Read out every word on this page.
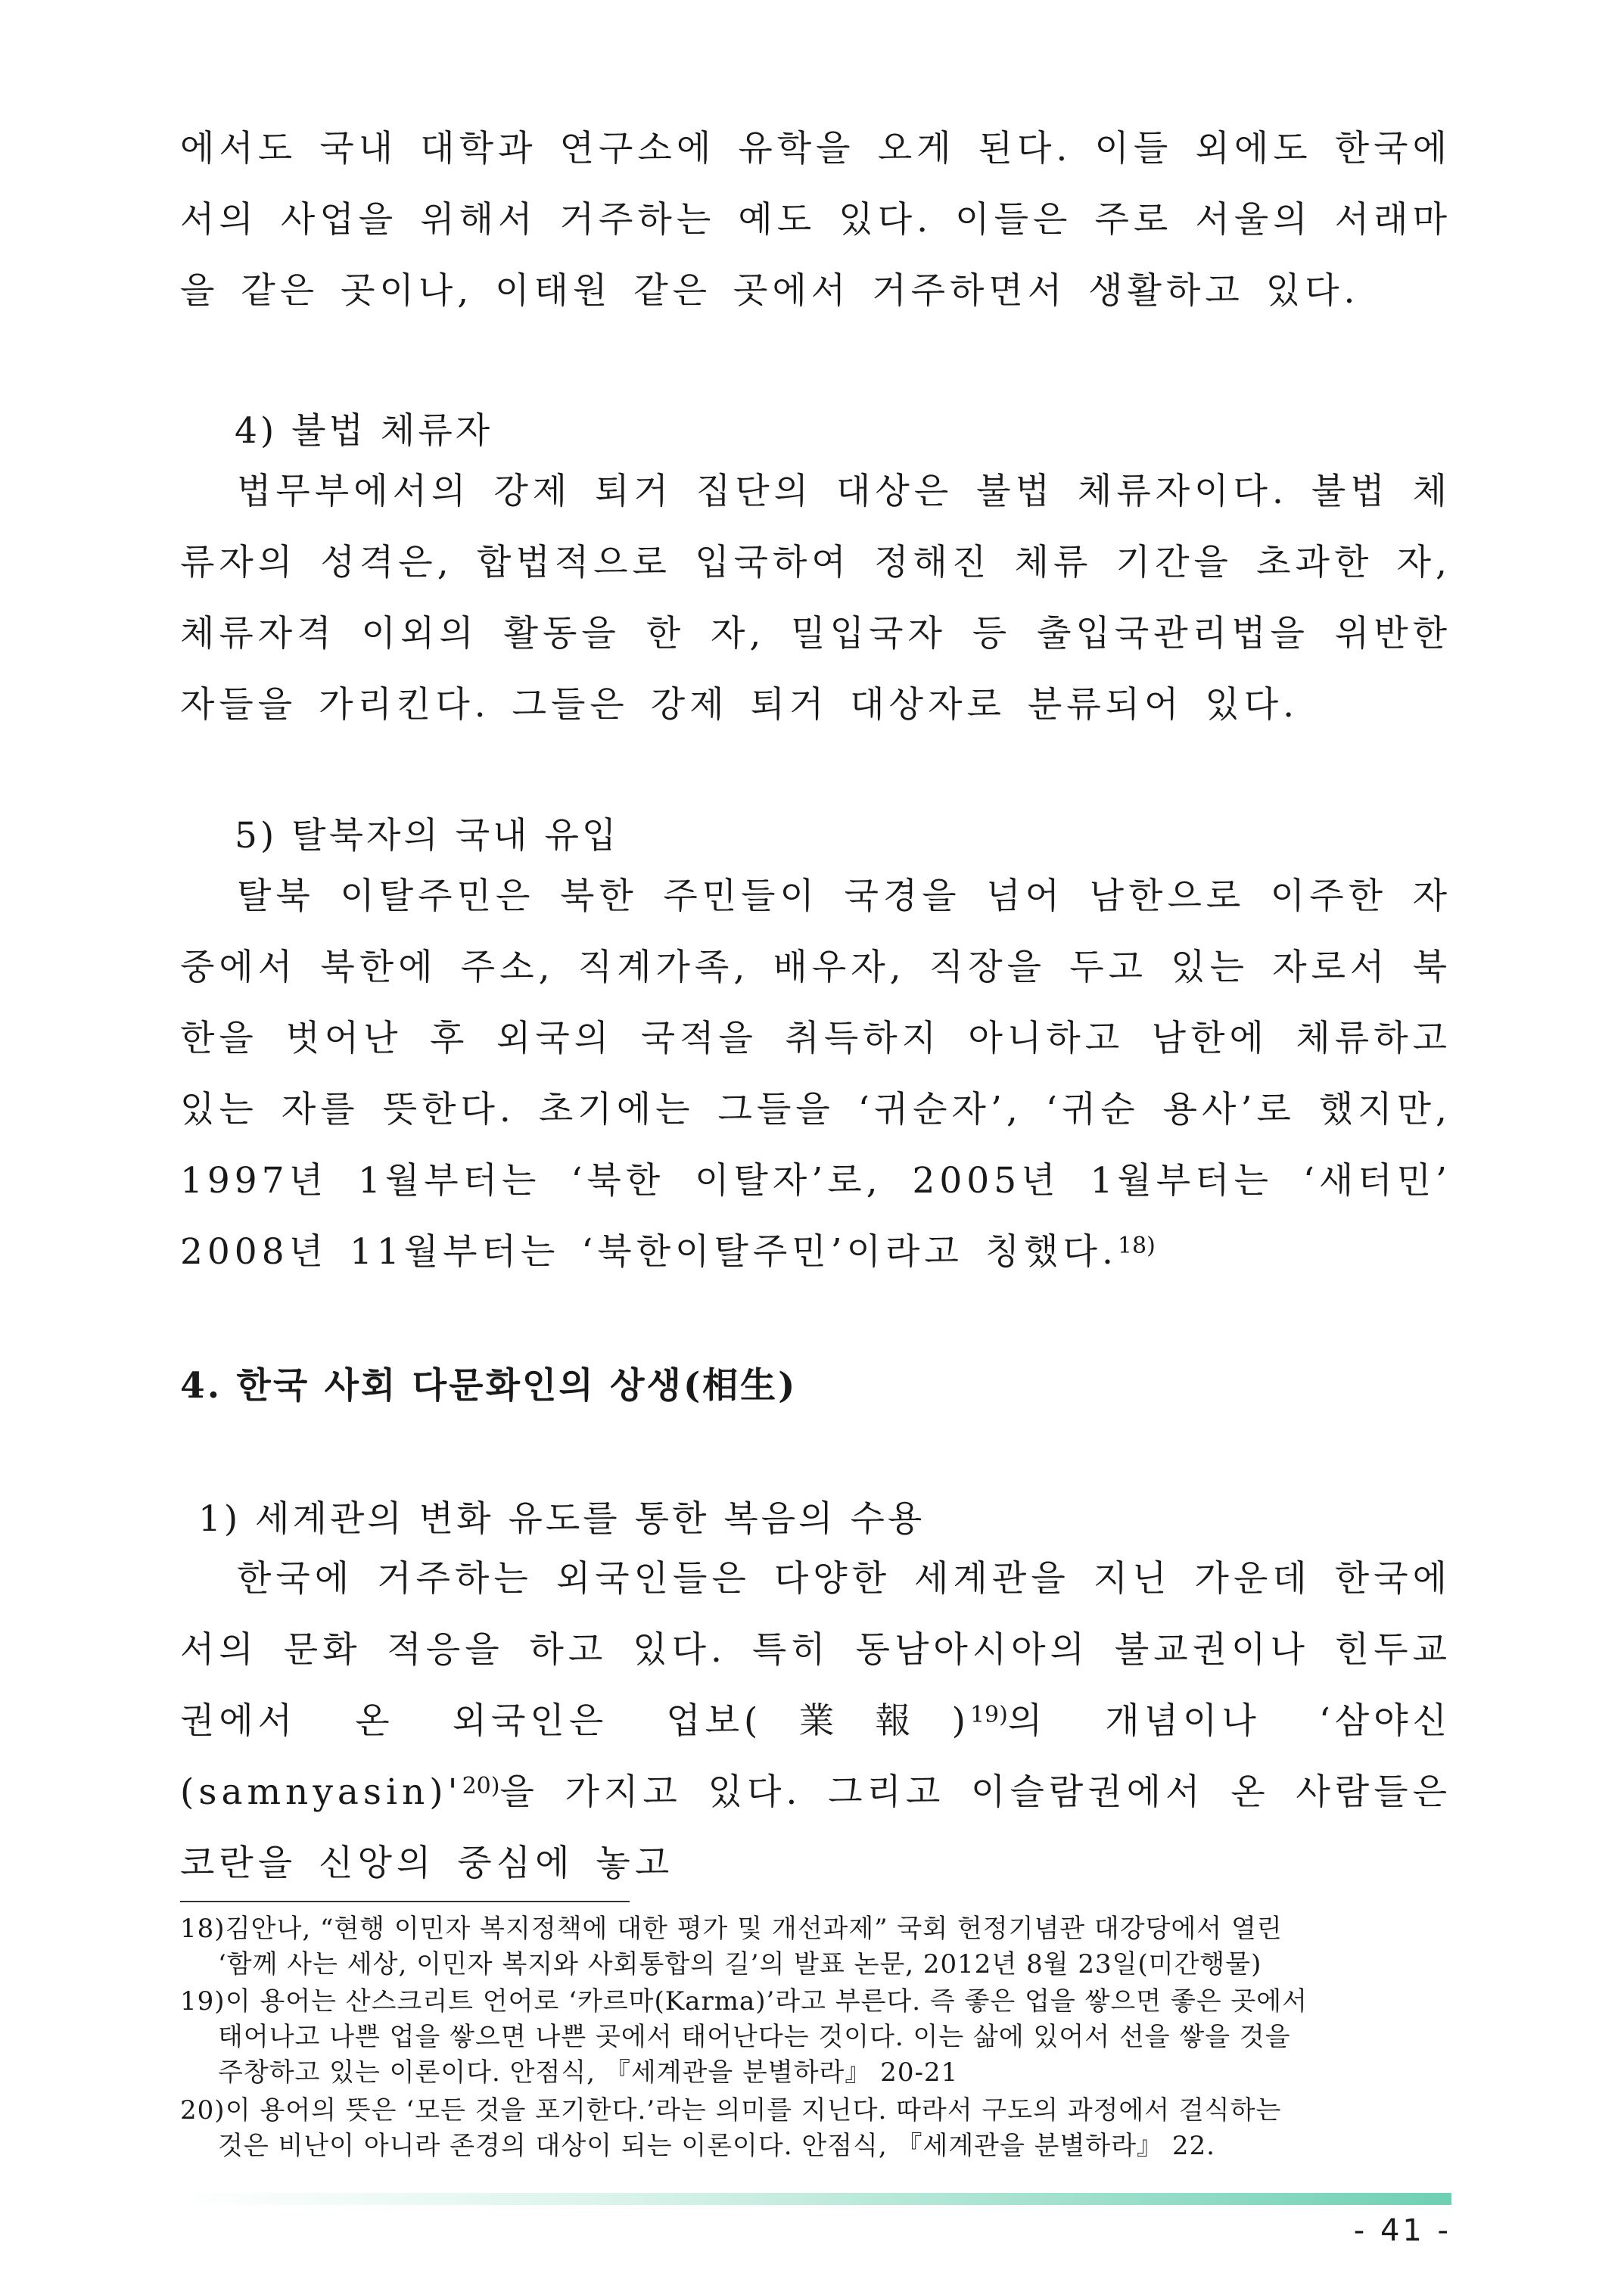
에서도 국내 대학과 연구소에 유학을 오게 된다. 이들 외에도 한국에서의 사업을 위해서 거주하는 예도 있다. 이들은 주로 서울의 서래마을 같은 곳이나, 이태원 같은 곳에서 거주하면서 생활하고 있다.

4) 불법 체류자

법무부에서의 강제 퇴거 집단의 대상은 불법 체류자이다. 불법 체류자의 성격은, 합법적으로 입국하여 정해진 체류 기간을 초과한 자, 체류자격 이외의 활동을 한 자, 밀입국자 등 출입국관리법을 위반한 자들을 가리킨다. 그들은 강제 퇴거 대상자로 분류되어 있다.

5) 탈북자의 국내 유입

탈북 이탈주민은 북한 주민들이 국경을 넘어 남한으로 이주한 자 중에서 북한에 주소, 직계가족, 배우자, 직장을 두고 있는 자로서 북한을 벗어난 후 외국의 국적을 취득하지 아니하고 남한에 체류하고 있는 자를 뜻한다. 초기에는 그들을 ‘귀순자’, ‘귀순 용사’로 했지만, 1997년 1월부터는 ‘북한 이탈자’로, 2005년 1월부터는 ‘새터민’ 2008년 11월부터는 ‘북한이탈주민’이라고 칭했다.$^{18)}$

4. 한국 사회 다문화인의 상생(相生)
1) 세계관의 변화 유도를 통한 복음의 수용

한국에 거주하는 외국인들은 다양한 세계관을 지닌 가운데 한국에서의 문화 적응을 하고 있다. 특히 동남아시아의 불교권이나 힌두교 권에서 온 외국인은 업보(業報)$^{19)}$의 개념이나 ‘삼야신$(samnyasin)'^{20)}$을 가지고 있다. 그리고 이슬람권에서 온 사람들은 코란을 신앙의 중심에 놓고

18) 김안나, “현행 이민자 복지정책에 대한 평가 및 개선과제” 국회 헌정기념관 대강당에서 열린
‘함께 사는 세상, 이민자 복지와 사회통합의 길’의 발표 논문, 2012년 8월 23일(미간행물)
19) 이 용어는 산스크리트 언어로 ‘카르마(Karma)’라고 부른다. 즉 좋은 업을 쌓으면 좋은 곳에서
태어나고 나쁜 업을 쌓으면 나쁜 곳에서 태어난다는 것이다. 이는 삶에 있어서 선을 쌓을 것을
주창하고 있는 이론이다. 안점식, 『세계관을 분별하라』 20-21
20) 이 용어의 뜻은 ‘모든 것을 포기한다.’라는 의미를 지닌다. 따라서 구도의 과정에서 걸식하는
것은 비난이 아니라 존경의 대상이 되는 이론이다. 안점식, 『세계관을 분별하라』 22.
- 41 -
